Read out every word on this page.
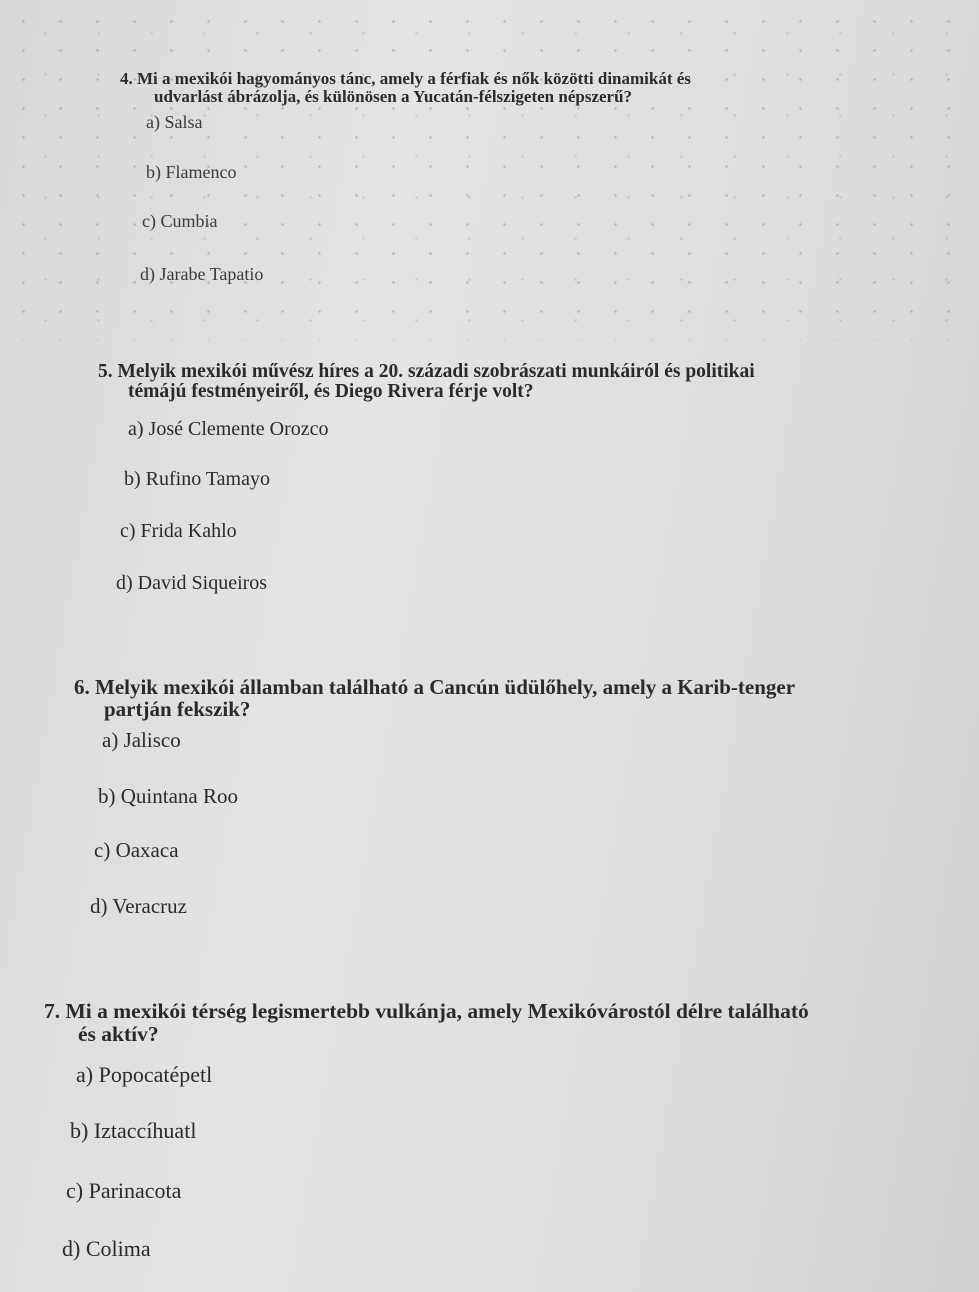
4. Mi a mexikói hagyományos tánc, amely a férfiak és nők közötti dinamikát és
udvarlást ábrázolja, és különösen a Yucatán-félszigeten népszerű?

a) Salsa
b) Flamenco
c) Cumbia
d) Jarabe Tapatio

5. Melyik mexikói művész híres a 20. századi szobrászati munkáiról és politikai
témájú festményeiről, és Diego Rivera férje volt?

a) José Clemente Orozco
b) Rufino Tamayo
c) Frida Kahlo
d) David Siqueiros

6. Melyik mexikói államban található a Cancún üdülőhely, amely a Karib-tenger
partján fekszik?

a) Jalisco
b) Quintana Roo
c) Oaxaca
d) Veracruz

7. Mi a mexikói térség legismertebb vulkánja, amely Mexikóvárostól délre található
és aktív?

a) Popocatépetl
b) Iztaccíhuatl
c) Parinacota
d) Colima
